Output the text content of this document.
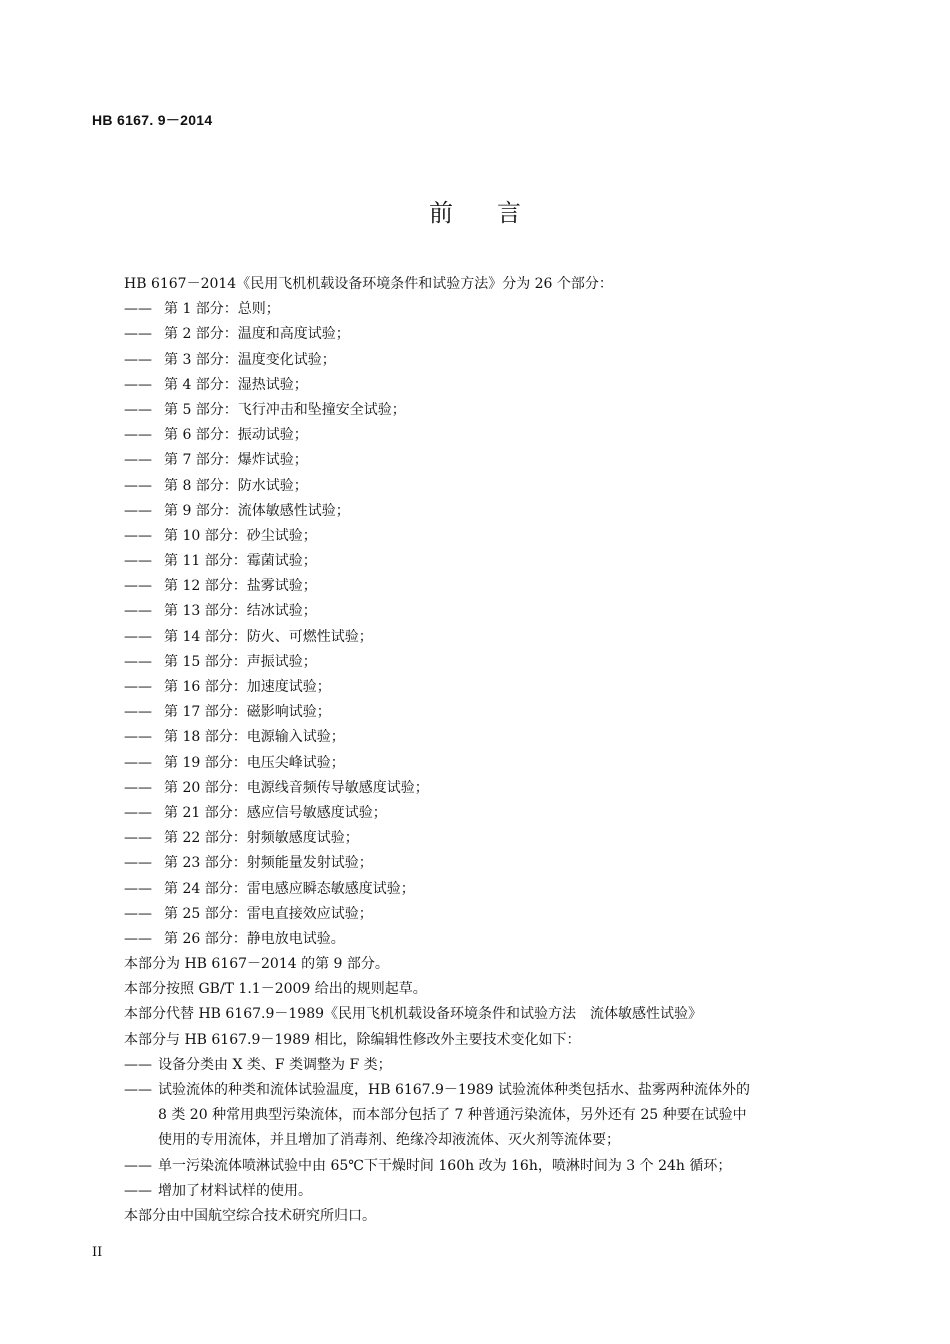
HB 6167. 9－2014
前言
HB 6167－2014《民用飞机机载设备环境条件和试验方法》分为 26 个部分：
—— 第 1 部分：总则；
—— 第 2 部分：温度和高度试验；
—— 第 3 部分：温度变化试验；
—— 第 4 部分：湿热试验；
—— 第 5 部分：飞行冲击和坠撞安全试验；
—— 第 6 部分：振动试验；
—— 第 7 部分：爆炸试验；
—— 第 8 部分：防水试验；
—— 第 9 部分：流体敏感性试验；
—— 第 10 部分：砂尘试验；
—— 第 11 部分：霉菌试验；
—— 第 12 部分：盐雾试验；
—— 第 13 部分：结冰试验；
—— 第 14 部分：防火、可燃性试验；
—— 第 15 部分：声振试验；
—— 第 16 部分：加速度试验；
—— 第 17 部分：磁影响试验；
—— 第 18 部分：电源输入试验；
—— 第 19 部分：电压尖峰试验；
—— 第 20 部分：电源线音频传导敏感度试验；
—— 第 21 部分：感应信号敏感度试验；
—— 第 22 部分：射频敏感度试验；
—— 第 23 部分：射频能量发射试验；
—— 第 24 部分：雷电感应瞬态敏感度试验；
—— 第 25 部分：雷电直接效应试验；
—— 第 26 部分：静电放电试验。
本部分为 HB 6167－2014 的第 9 部分。
本部分按照 GB/T 1.1－2009 给出的规则起草。
本部分代替 HB 6167.9－1989《民用飞机机载设备环境条件和试验方法　流体敏感性试验》
本部分与 HB 6167.9－1989 相比，除编辑性修改外主要技术变化如下：
—— 设备分类由 X 类、F 类调整为 F 类；
—— 试验流体的种类和流体试验温度，HB 6167.9－1989 试验流体种类包括水、盐雾两种流体外的
8 类 20 种常用典型污染流体，而本部分包括了 7 种普通污染流体，另外还有 25 种要在试验中
使用的专用流体，并且增加了消毒剂、绝缘冷却液流体、灭火剂等流体要；
—— 单一污染流体喷淋试验中由 65℃下干燥时间 160h 改为 16h，喷淋时间为 3 个 24h 循环；
—— 增加了材料试样的使用。
本部分由中国航空综合技术研究所归口。
II
